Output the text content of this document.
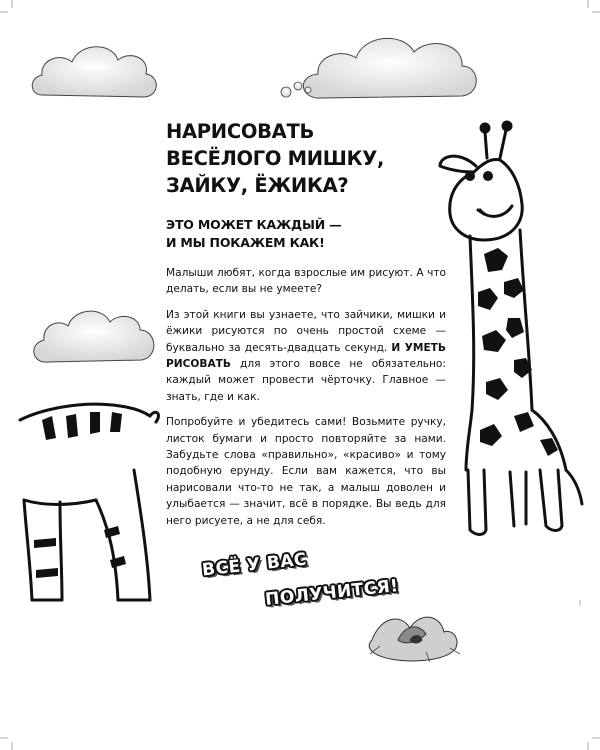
НАРИСОВАТЬ
ВЕСЁЛОГО МИШКУ,
ЗАЙКУ, ЁЖИКА?
ЭТО МОЖЕТ КАЖДЫЙ —
И МЫ ПОКАЖЕМ КАК!

Малыши любят, когда взрослые им рисуют. А что делать, если вы не умеете?

Из этой книги вы узнаете, что зайчики, мишки и ёжики рисуются по очень простой схеме — буквально за десять-двадцать секунд. И УМЕТЬ РИСОВАТЬ для этого вовсе не обязательно: каждый может провести чёрточку. Главное — знать, где и как.

Попробуйте и убедитесь сами! Возьмите ручку, листок бумаги и просто повторяйте за нами. Забудьте слова «правильно», «красиво» и тому подобную ерунду. Если вам кажется, что вы нарисовали что-то не так, а малыш доволен и улыбается — значит, всё в порядке. Вы ведь для него рисуете, а не для себя.

ВСЁ У ВАС
ПОЛУЧИТСЯ!
